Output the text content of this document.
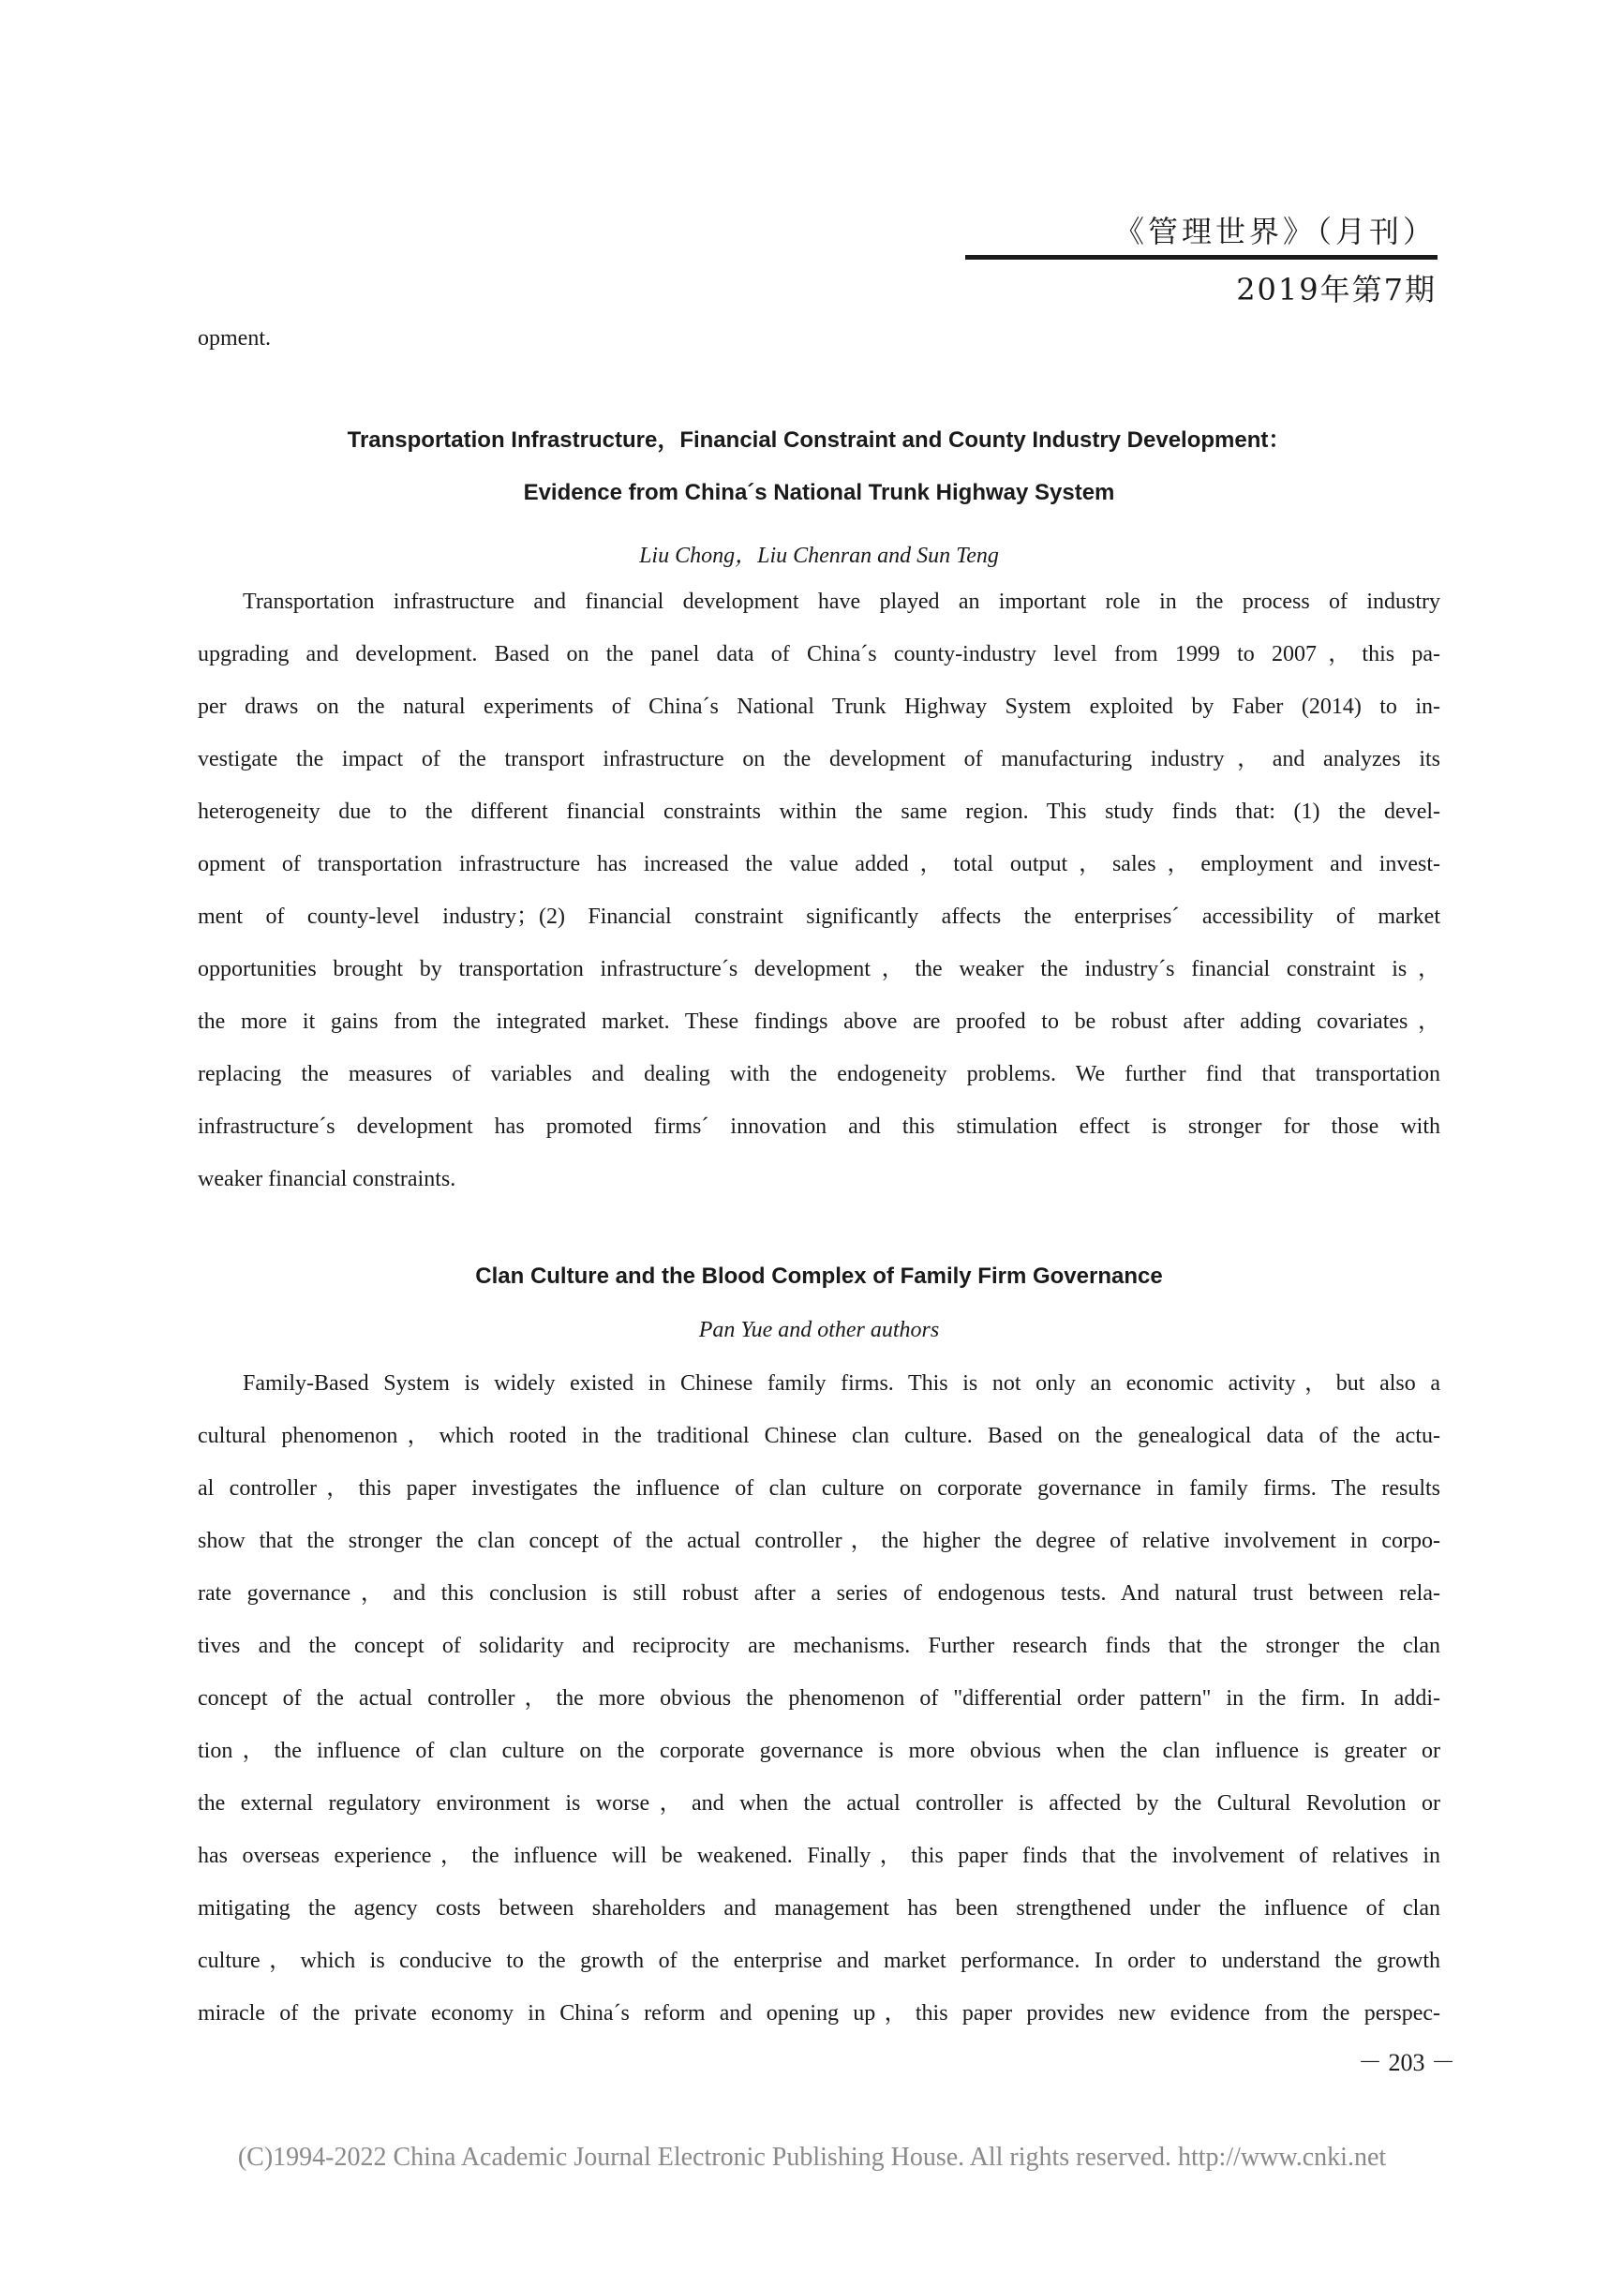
《管理世界》（月刊）
2019年第7期
opment.
Transportation Infrastructure，Financial Constraint and County Industry Development：
Evidence from China´s National Trunk Highway System
Liu Chong，Liu Chenran and Sun Teng
Transportation infrastructure and financial development have played an important role in the process of industry
upgrading and development. Based on the panel data of China´s county-industry level from 1999 to 2007，this pa-
per draws on the natural experiments of China´s National Trunk Highway System exploited by Faber (2014) to in-
vestigate the impact of the transport infrastructure on the development of manufacturing industry，and analyzes its
heterogeneity due to the different financial constraints within the same region. This study finds that: (1) the devel-
opment of transportation infrastructure has increased the value added，total output，sales，employment and invest-
ment of county-level industry；(2) Financial constraint significantly affects the enterprises´ accessibility of market
opportunities brought by transportation infrastructure´s development，the weaker the industry´s financial constraint is，
the more it gains from the integrated market. These findings above are proofed to be robust after adding covariates，
replacing the measures of variables and dealing with the endogeneity problems. We further find that transportation
infrastructure´s development has promoted firms´ innovation and this stimulation effect is stronger for those with
weaker financial constraints.
Clan Culture and the Blood Complex of Family Firm Governance
Pan Yue and other authors
Family-Based System is widely existed in Chinese family firms. This is not only an economic activity，but also a
cultural phenomenon，which rooted in the traditional Chinese clan culture. Based on the genealogical data of the actu-
al controller，this paper investigates the influence of clan culture on corporate governance in family firms. The results
show that the stronger the clan concept of the actual controller，the higher the degree of relative involvement in corpo-
rate governance，and this conclusion is still robust after a series of endogenous tests. And natural trust between rela-
tives and the concept of solidarity and reciprocity are mechanisms. Further research finds that the stronger the clan
concept of the actual controller，the more obvious the phenomenon of "differential order pattern" in the firm. In addi-
tion，the influence of clan culture on the corporate governance is more obvious when the clan influence is greater or
the external regulatory environment is worse，and when the actual controller is affected by the Cultural Revolution or
has overseas experience，the influence will be weakened. Finally，this paper finds that the involvement of relatives in
mitigating the agency costs between shareholders and management has been strengthened under the influence of clan
culture，which is conducive to the growth of the enterprise and market performance. In order to understand the growth
miracle of the private economy in China´s reform and opening up，this paper provides new evidence from the perspec-
－ 203 －
(C)1994-2022 China Academic Journal Electronic Publishing House. All rights reserved. http://www.cnki.net
